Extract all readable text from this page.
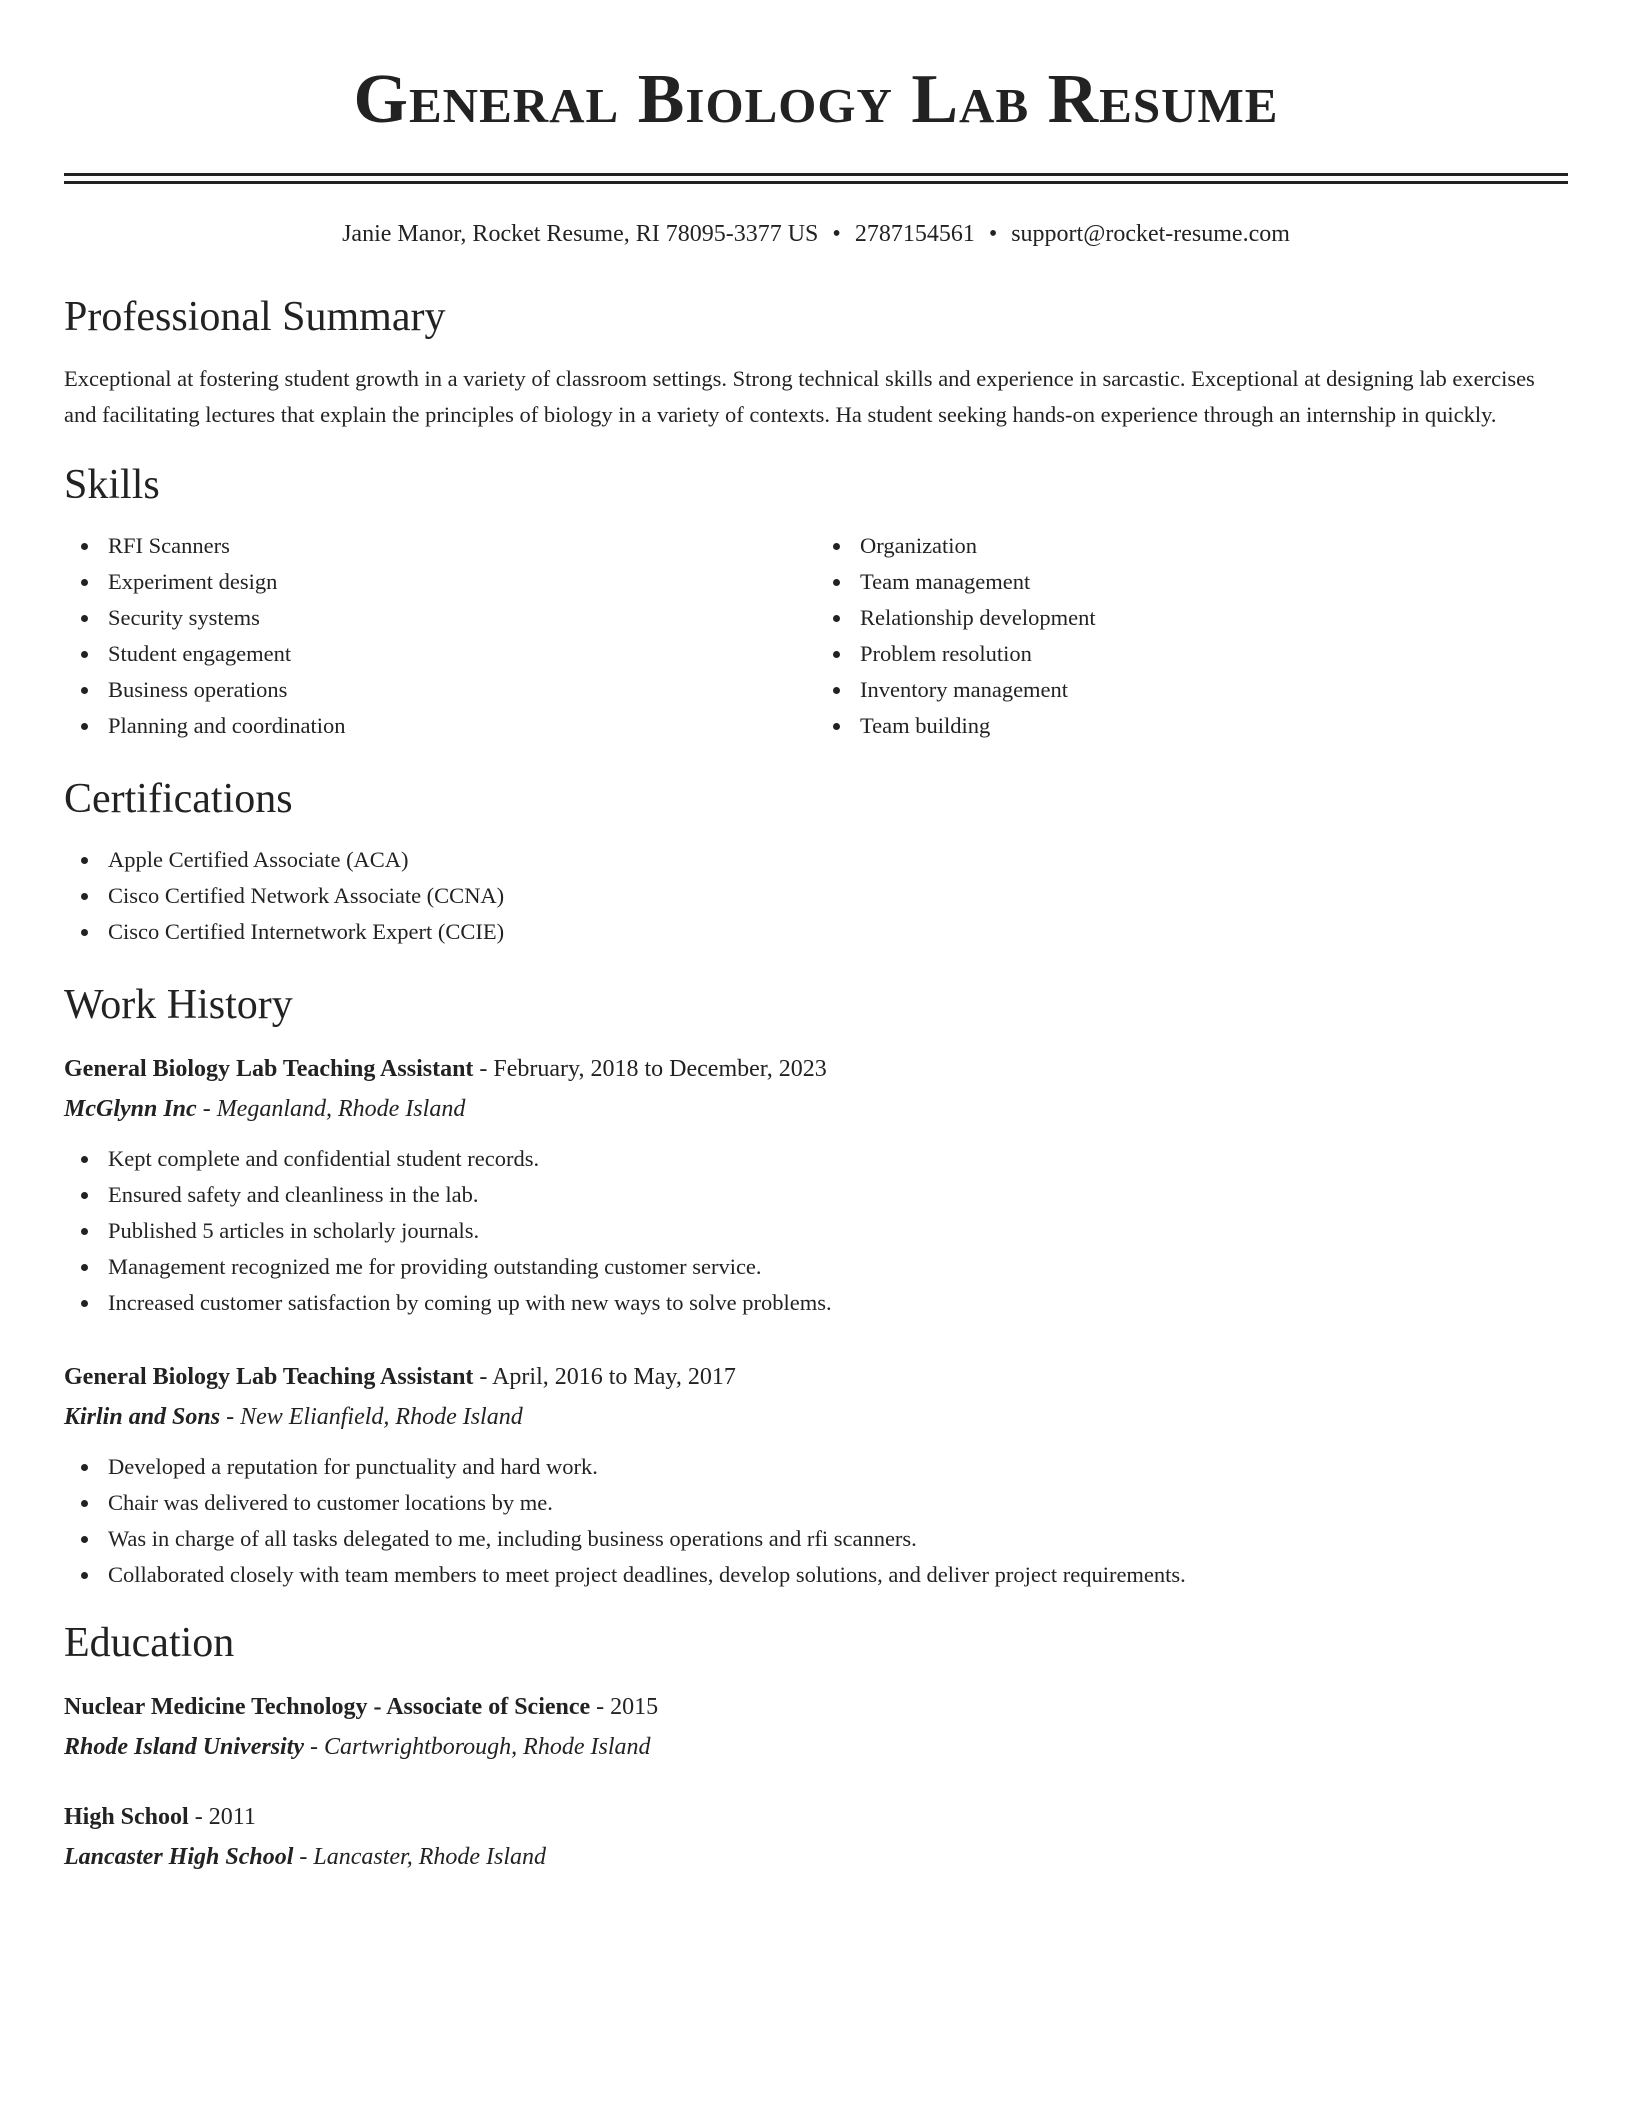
General Biology Lab Resume
Janie Manor, Rocket Resume, RI 78095-3377 US • 2787154561 • support@rocket-resume.com
Professional Summary

Exceptional at fostering student growth in a variety of classroom settings. Strong technical skills and experience in sarcastic. Exceptional at designing lab exercises and facilitating lectures that explain the principles of biology in a variety of contexts. Ha student seeking hands-on experience through an internship in quickly.

Skills
RFI Scanners
Experiment design
Security systems
Student engagement
Business operations
Planning and coordination
Organization
Team management
Relationship development
Problem resolution
Inventory management
Team building
Certifications
Apple Certified Associate (ACA)
Cisco Certified Network Associate (CCNA)
Cisco Certified Internetwork Expert (CCIE)
Work History
General Biology Lab Teaching Assistant - February, 2018 to December, 2023
McGlynn Inc - Meganland, Rhode Island
Kept complete and confidential student records.
Ensured safety and cleanliness in the lab.
Published 5 articles in scholarly journals.
Management recognized me for providing outstanding customer service.
Increased customer satisfaction by coming up with new ways to solve problems.
General Biology Lab Teaching Assistant - April, 2016 to May, 2017
Kirlin and Sons - New Elianfield, Rhode Island
Developed a reputation for punctuality and hard work.
Chair was delivered to customer locations by me.
Was in charge of all tasks delegated to me, including business operations and rfi scanners.
Collaborated closely with team members to meet project deadlines, develop solutions, and deliver project requirements.
Education
Nuclear Medicine Technology - Associate of Science - 2015
Rhode Island University - Cartwrightborough, Rhode Island
High School - 2011
Lancaster High School - Lancaster, Rhode Island
